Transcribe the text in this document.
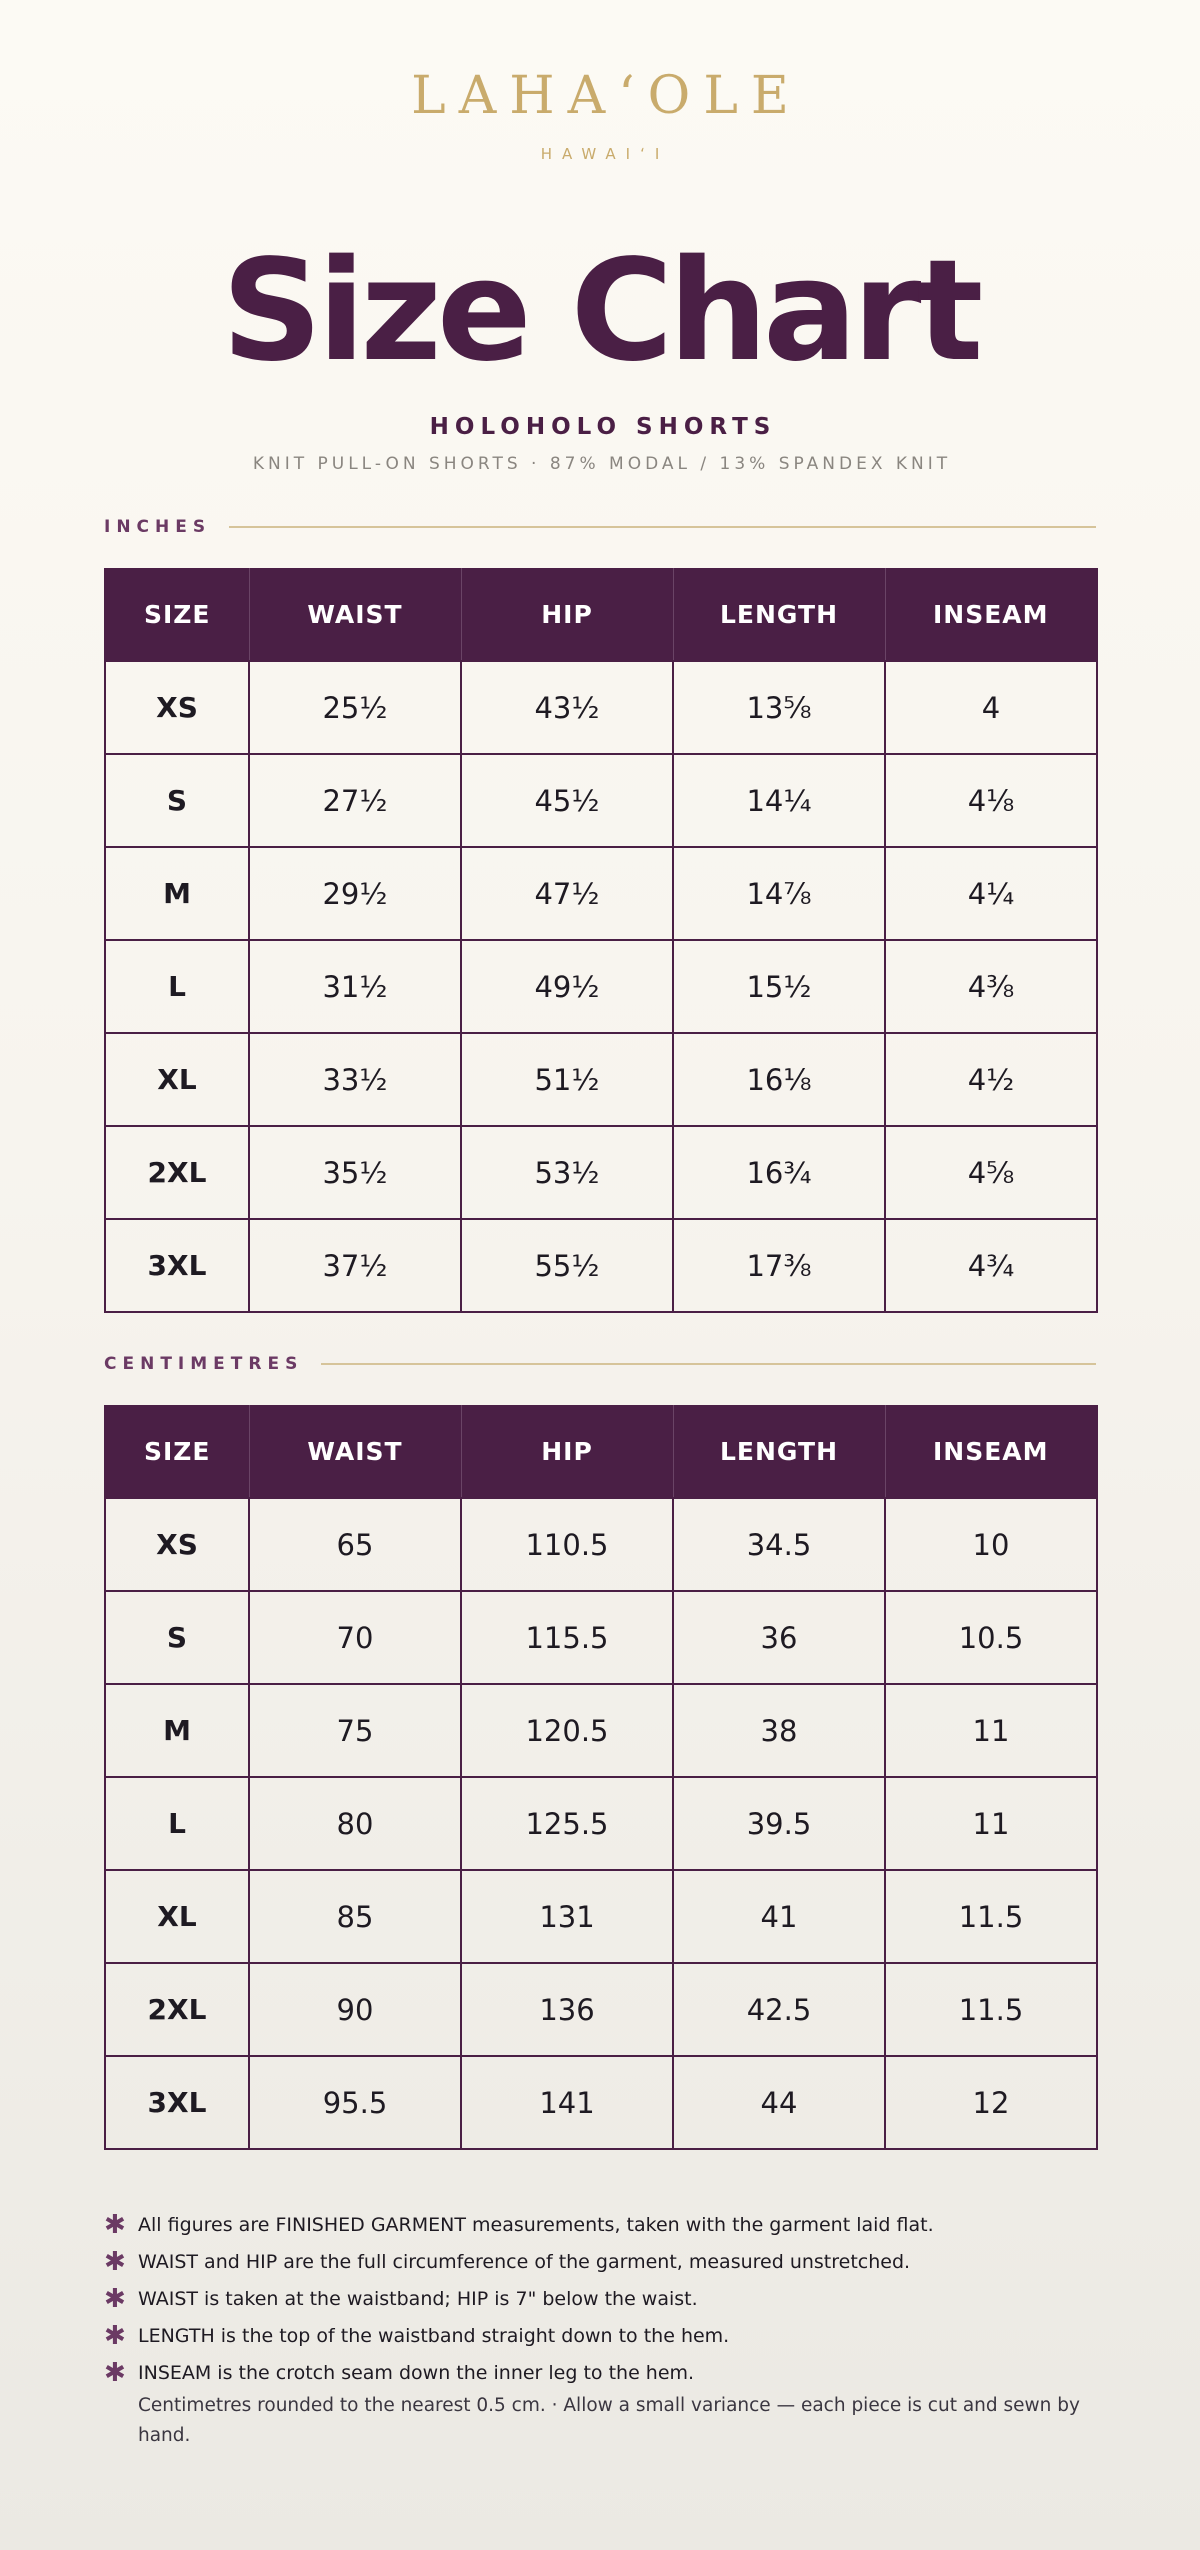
LAHAʻOLE
HAWAIʻI
Size Chart
HOLOHOLO SHORTS
KNIT PULL-ON SHORTS · 87% MODAL / 13% SPANDEX KNIT
INCHES
SIZE	WAIST	HIP	LENGTH	INSEAM
XS	25½	43½	13⅝	4
S	27½	45½	14¼	4⅛
M	29½	47½	14⅞	4¼
L	31½	49½	15½	4⅜
XL	33½	51½	16⅛	4½
2XL	35½	53½	16¾	4⅝
3XL	37½	55½	17⅜	4¾
CENTIMETRES
SIZE	WAIST	HIP	LENGTH	INSEAM
XS	65	110.5	34.5	10
S	70	115.5	36	10.5
M	75	120.5	38	11
L	80	125.5	39.5	11
XL	85	131	41	11.5
2XL	90	136	42.5	11.5
3XL	95.5	141	44	12
✱ All figures are FINISHED GARMENT measurements, taken with the garment laid flat.
✱ WAIST and HIP are the full circumference of the garment, measured unstretched.
✱ WAIST is taken at the waistband; HIP is 7" below the waist.
✱ LENGTH is the top of the waistband straight down to the hem.
✱ INSEAM is the crotch seam down the inner leg to the hem.
Centimetres rounded to the nearest 0.5 cm. · Allow a small variance — each piece is cut and sewn by hand.
